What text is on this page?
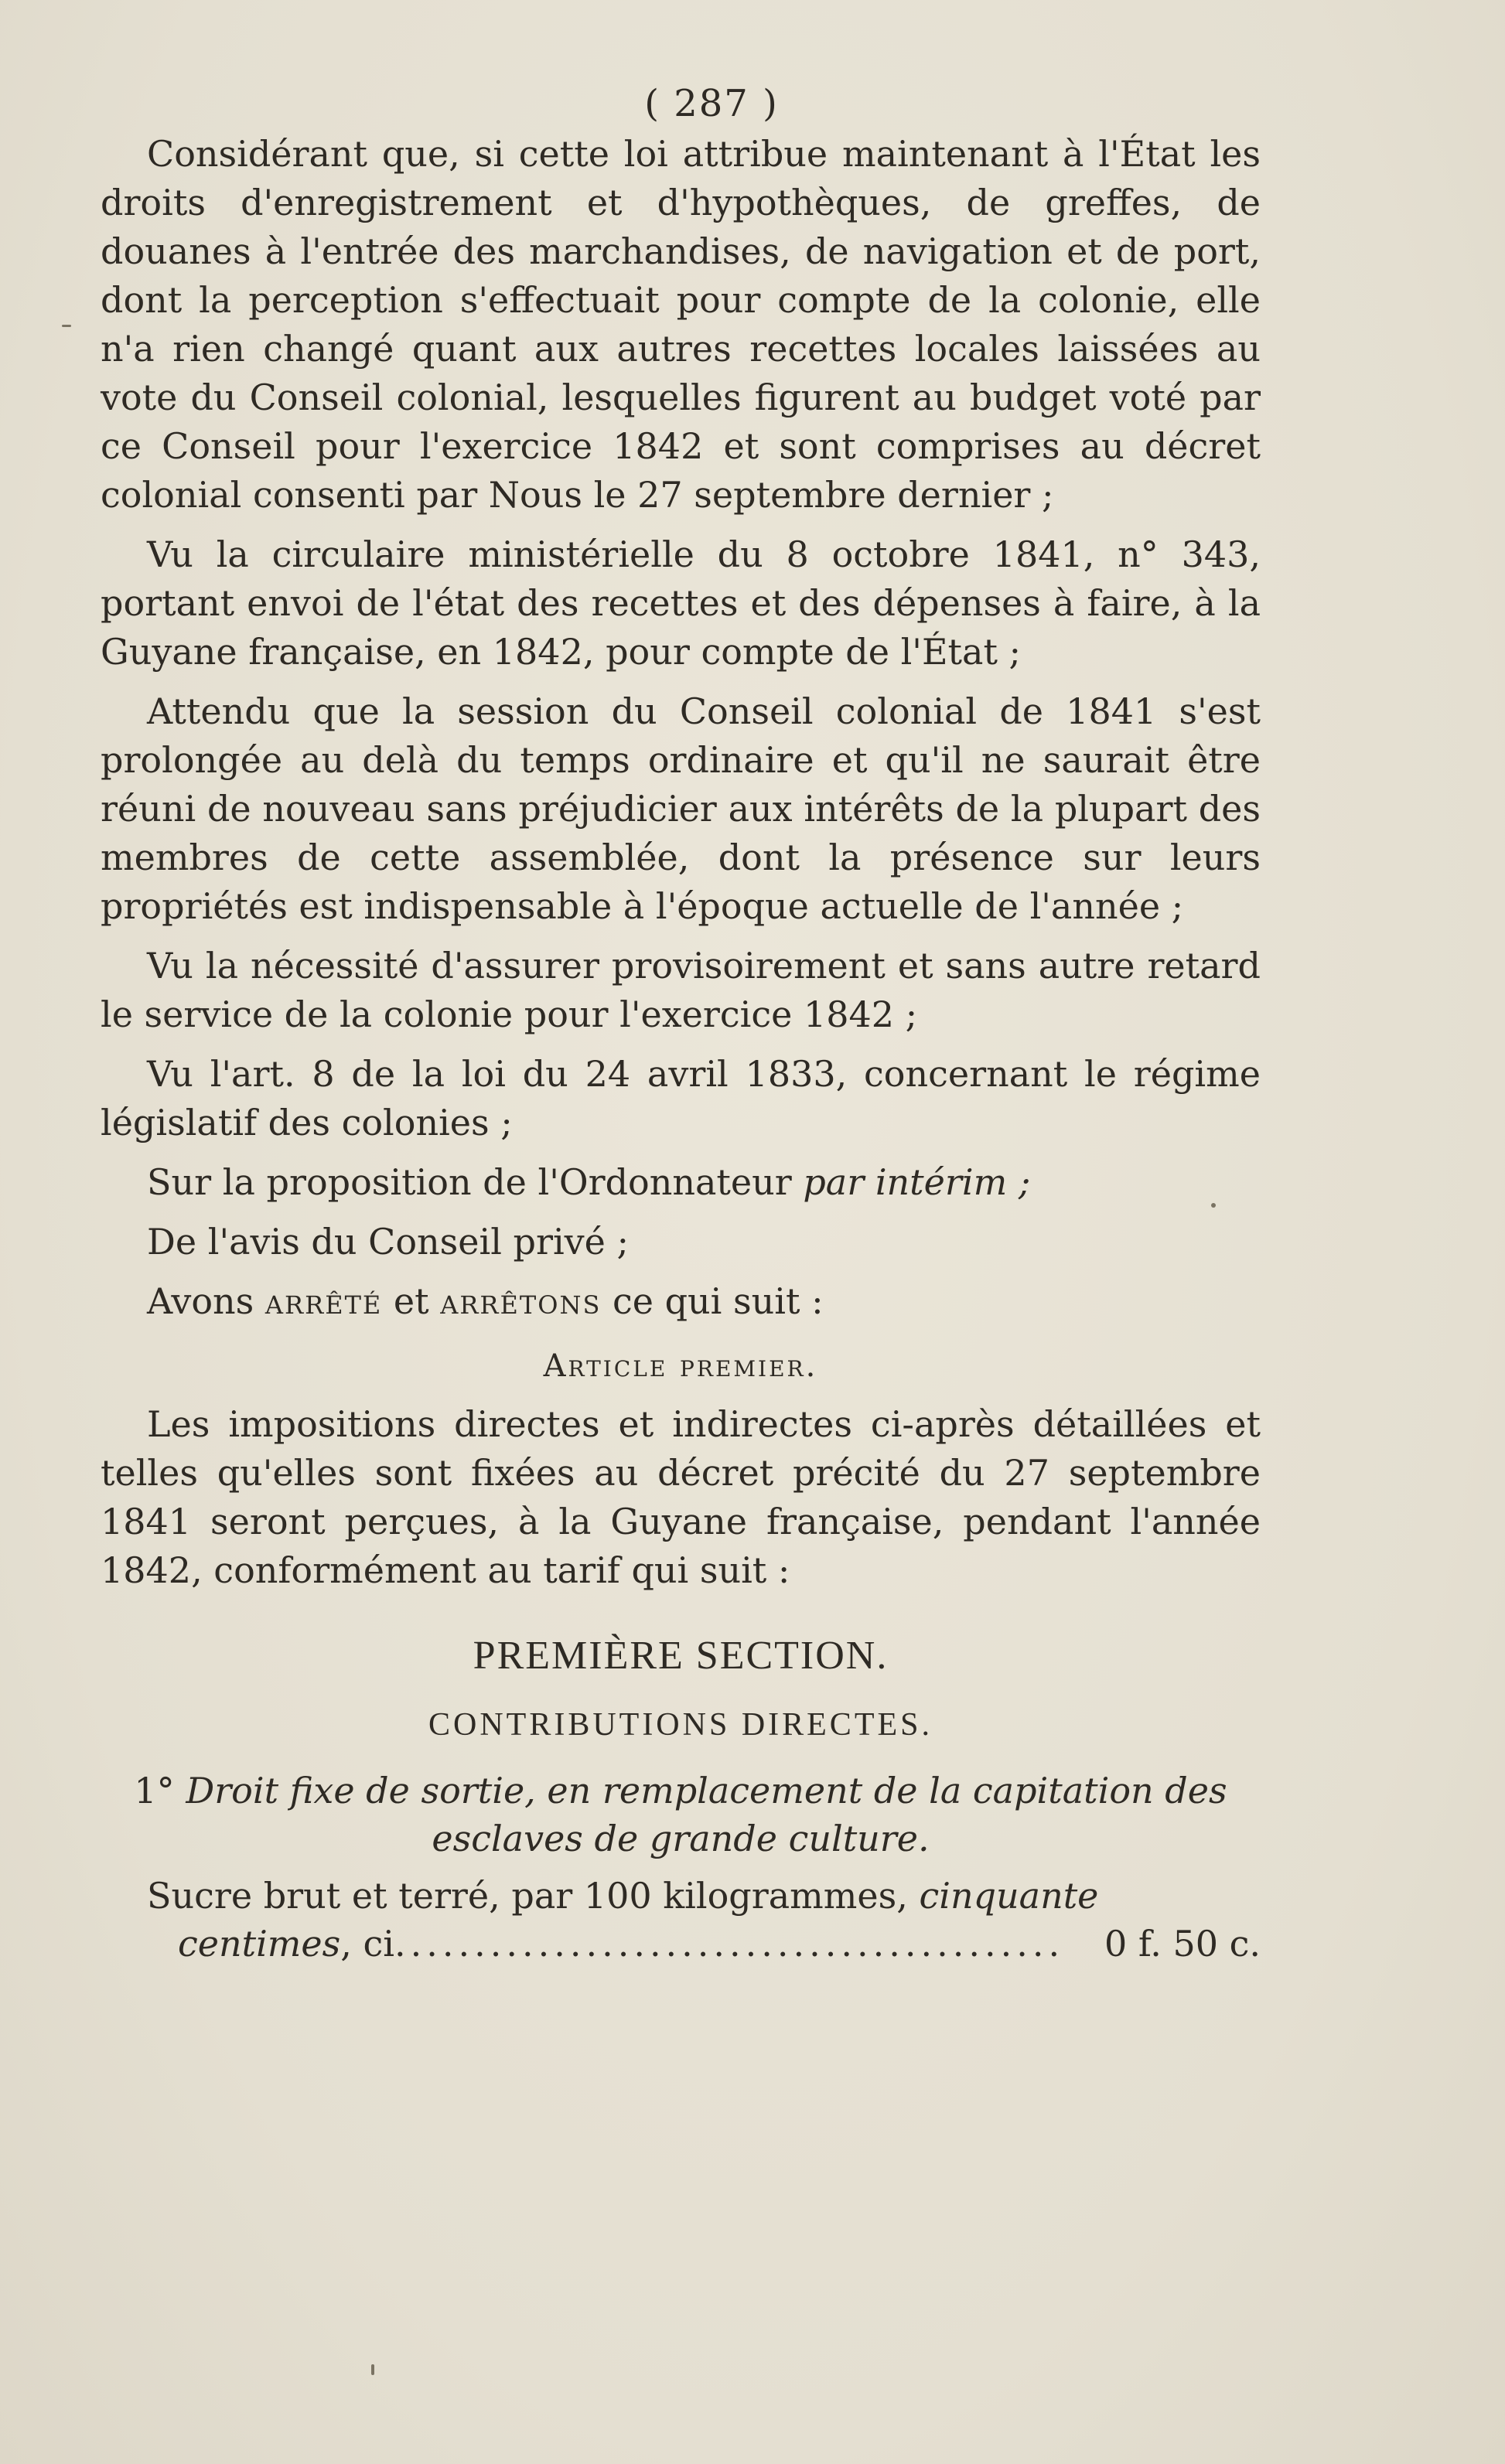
( 287 )

Considérant que, si cette loi attribue maintenant à l'État les droits d'enregistrement et d'hypothèques, de greffes, de douanes à l'entrée des marchandises, de navigation et de port, dont la perception s'effectuait pour compte de la colonie, elle n'a rien changé quant aux autres recettes locales laissées au vote du Conseil colonial, lesquelles figurent au budget voté par ce Conseil pour l'exercice 1842 et sont comprises au décret colonial consenti par Nous le 27 septembre dernier ;

Vu la circulaire ministérielle du 8 octobre 1841, n° 343, portant envoi de l'état des recettes et des dépenses à faire, à la Guyane française, en 1842, pour compte de l'État ;

Attendu que la session du Conseil colonial de 1841 s'est prolongée au delà du temps ordinaire et qu'il ne saurait être réuni de nouveau sans préjudicier aux intérêts de la plupart des membres de cette assemblée, dont la présence sur leurs propriétés est indispensable à l'époque actuelle de l'année ;

Vu la nécessité d'assurer provisoirement et sans autre retard le service de la colonie pour l'exercice 1842 ;

Vu l'art. 8 de la loi du 24 avril 1833, concernant le régime législatif des colonies ;

Sur la proposition de l'Ordonnateur par intérim ;

De l'avis du Conseil privé ;

Avons arrêté et arrêtons ce qui suit :

Article premier.

Les impositions directes et indirectes ci-après détaillées et telles qu'elles sont fixées au décret précité du 27 septembre 1841 seront perçues, à la Guyane française, pendant l'année 1842, conformément au tarif qui suit :

PREMIÈRE SECTION.
CONTRIBUTIONS DIRECTES.
1° Droit fixe de sortie, en remplacement de la capitation des
esclaves de grande culture.
Sucre brut et terré, par 100 kilogrammes, cinquante
centimes, ci.......................................... 0 f. 50 c.
